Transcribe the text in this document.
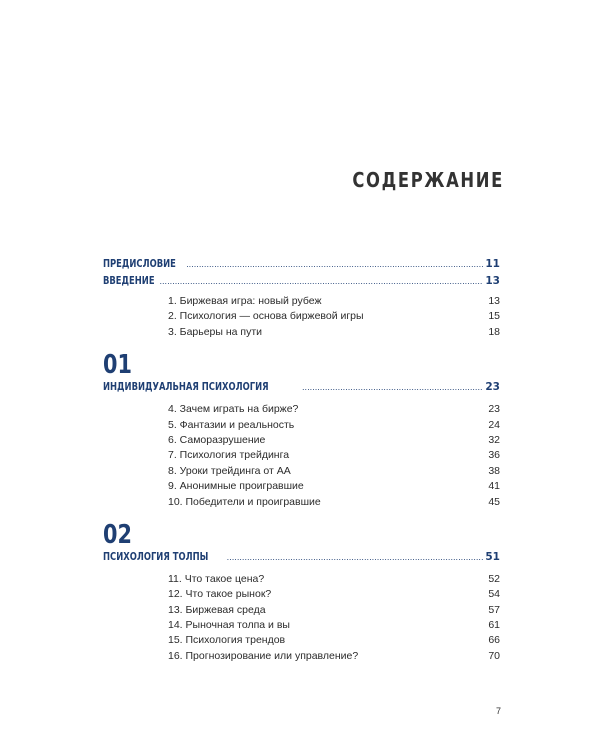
СОДЕРЖАНИЕ
ПРЕДИСЛОВИЕ .....	11
ВВЕДЕНИЕ .....	13
1. Биржевая игра: новый рубеж	13
2. Психология — основа биржевой игры	15
3. Барьеры на пути	18
01
ИНДИВИДУАЛЬНАЯ ПСИХОЛОГИЯ .....	23
4. Зачем играть на бирже?	23
5. Фантазии и реальность	24
6. Саморазрушение	32
7. Психология трейдинга	36
8. Уроки трейдинга от АА	38
9. Анонимные проигравшие	41
10. Победители и проигравшие	45
02
ПСИХОЛОГИЯ ТОЛПЫ .....	51
11. Что такое цена?	52
12. Что такое рынок?	54
13. Биржевая среда	57
14. Рыночная толпа и вы	61
15. Психология трендов	66
16. Прогнозирование или управление?	70
7
